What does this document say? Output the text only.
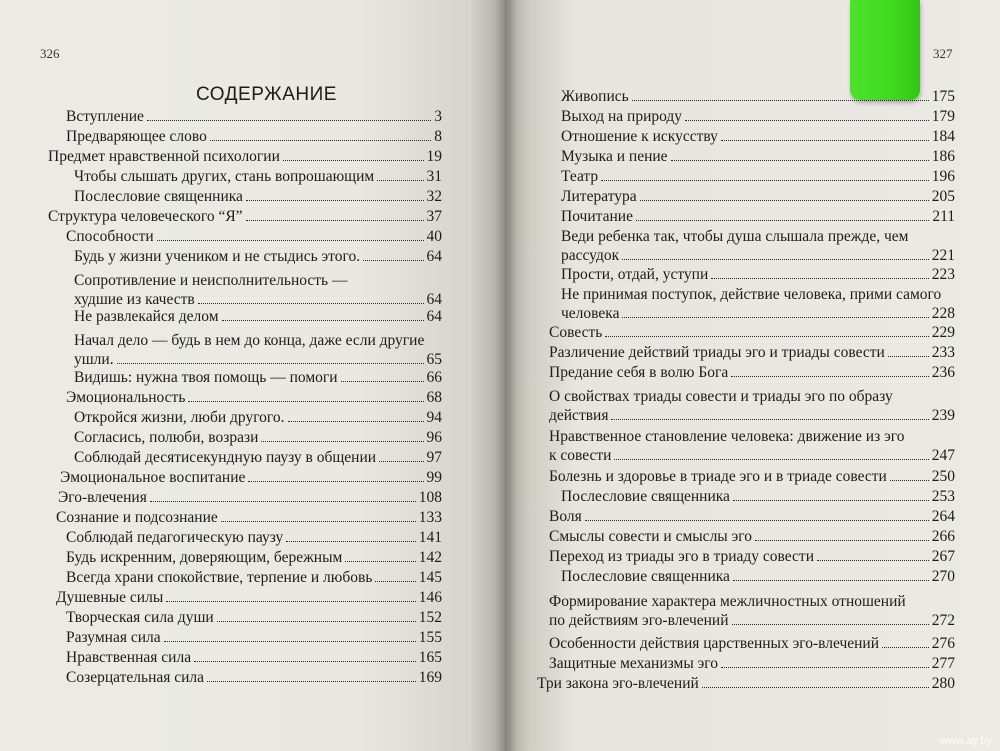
326
СОДЕРЖАНИЕ
Вступление	3
Предваряющее слово	8
Предмет нравственной психологии	19
Чтобы слышать других, стань вопрошающим	31
Послесловие священника	32
Структура человеческого “Я”	37
Способности	40
Будь у жизни учеником и не стыдись этого.	64
Сопротивление и неисполнительность —
худшие из качеств	64
Не развлекайся делом	64
Начал дело — будь в нем до конца, даже если другие
ушли.	65
Видишь: нужна твоя помощь — помоги	66
Эмоциональность	68
Откройся жизни, люби другого.	94
Согласись, полюби, возрази	96
Соблюдай десятисекундную паузу в общении	97
Эмоциональное воспитание	99
Эго-влечения	108
Сознание и подсознание	133
Соблюдай педагогическую паузу	141
Будь искренним, доверяющим, бережным	142
Всегда храни спокойствие, терпение и любовь	145
Душевные силы	146
Творческая сила души	152
Разумная сила	155
Нравственная сила	165
Созерцательная сила	169
327
Живопись	175
Выход на природу	179
Отношение к искусству	184
Музыка и пение	186
Театр	196
Литература	205
Почитание	211
Веди ребенка так, чтобы душа слышала прежде, чем
рассудок	221
Прости, отдай, уступи	223
Не принимая поступок, действие человека, прими самого
человека	228
Совесть	229
Различение действий триады эго и триады совести	233
Предание себя в волю Бога	236
О свойствах триады совести и триады эго по образу
действия	239
Нравственное становление человека: движение из эго
к совести	247
Болезнь и здоровье в триаде эго и в триаде совести	250
Послесловие священника	253
Воля	264
Смыслы совести и смыслы эго	266
Переход из триады эго в триаду совести	267
Послесловие священника	270
Формирование характера межличностных отношений
по действиям эго-влечений	272
Особенности действия царственных эго-влечений	276
Защитные механизмы эго	277
Три закона эго-влечений	280
www.ay.by
